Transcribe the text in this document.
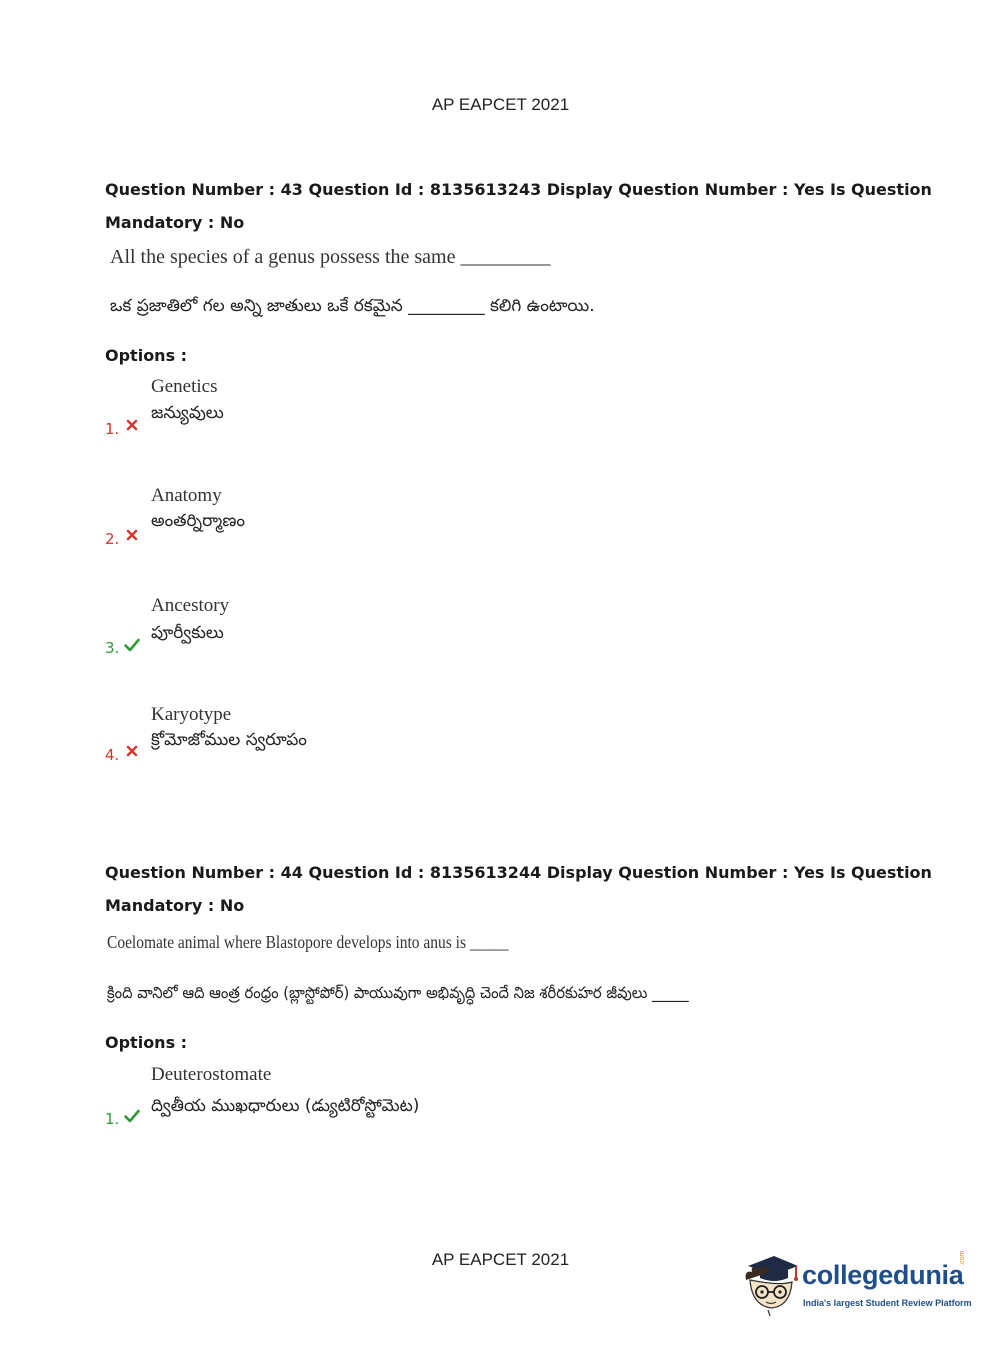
AP EAPCET 2021
Question Number : 43 Question Id : 8135613243 Display Question Number : Yes Is Question
Mandatory : No
All the species of a genus possess the same _________
ఒక ప్రజాతిలో గల అన్ని జాతులు ఒకే రకమైన _________ కలిగి ఉంటాయి.
Options :
Genetics
జన్యువులు
1.
Anatomy
అంతర్నిర్మాణం
2.
Ancestory
పూర్వీకులు
3.
Karyotype
క్రోమోజోముల స్వరూపం
4.
Question Number : 44 Question Id : 8135613244 Display Question Number : Yes Is Question
Mandatory : No
Coelomate animal where Blastopore develops into anus is _____
క్రింది వానిలో ఆది ఆంత్ర రంధ్రం (బ్లాస్టోపోర్) పాయువుగా అభివృద్ధి చెందే నిజ శరీరకుహర జీవులు _____
Options :
Deuterostomate
ద్వితీయ ముఖధారులు (డ్యుటిరోస్టోమెట)
1.
AP EAPCET 2021
collegedunia
.com
India's largest Student Review Platform
